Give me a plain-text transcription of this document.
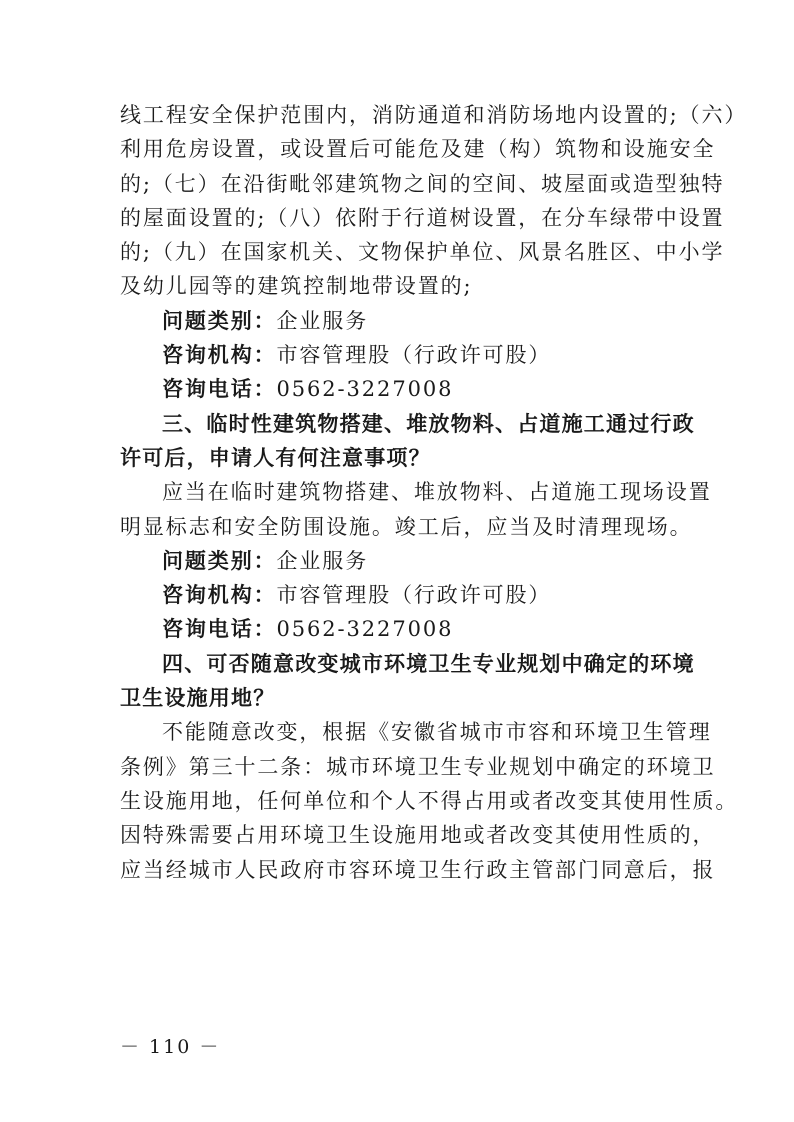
线工程安全保护范围内，消防通道和消防场地内设置的;（六）
利用危房设置，或设置后可能危及建（构）筑物和设施安全
的;（七）在沿街毗邻建筑物之间的空间、坡屋面或造型独特
的屋面设置的;（八）依附于行道树设置，在分车绿带中设置
的;（九）在国家机关、文物保护单位、风景名胜区、中小学
及幼儿园等的建筑控制地带设置的;
问题类别：企业服务
咨询机构：市容管理股（行政许可股）
咨询电话：0562-3227008
三、临时性建筑物搭建、堆放物料、占道施工通过行政
许可后，申请人有何注意事项？
应当在临时建筑物搭建、堆放物料、占道施工现场设置
明显标志和安全防围设施。竣工后，应当及时清理现场。
问题类别：企业服务
咨询机构：市容管理股（行政许可股）
咨询电话：0562-3227008
四、可否随意改变城市环境卫生专业规划中确定的环境
卫生设施用地？
不能随意改变，根据《安徽省城市市容和环境卫生管理
条例》第三十二条：城市环境卫生专业规划中确定的环境卫
生设施用地，任何单位和个人不得占用或者改变其使用性质。
因特殊需要占用环境卫生设施用地或者改变其使用性质的，
应当经城市人民政府市容环境卫生行政主管部门同意后，报
－ 110 －
